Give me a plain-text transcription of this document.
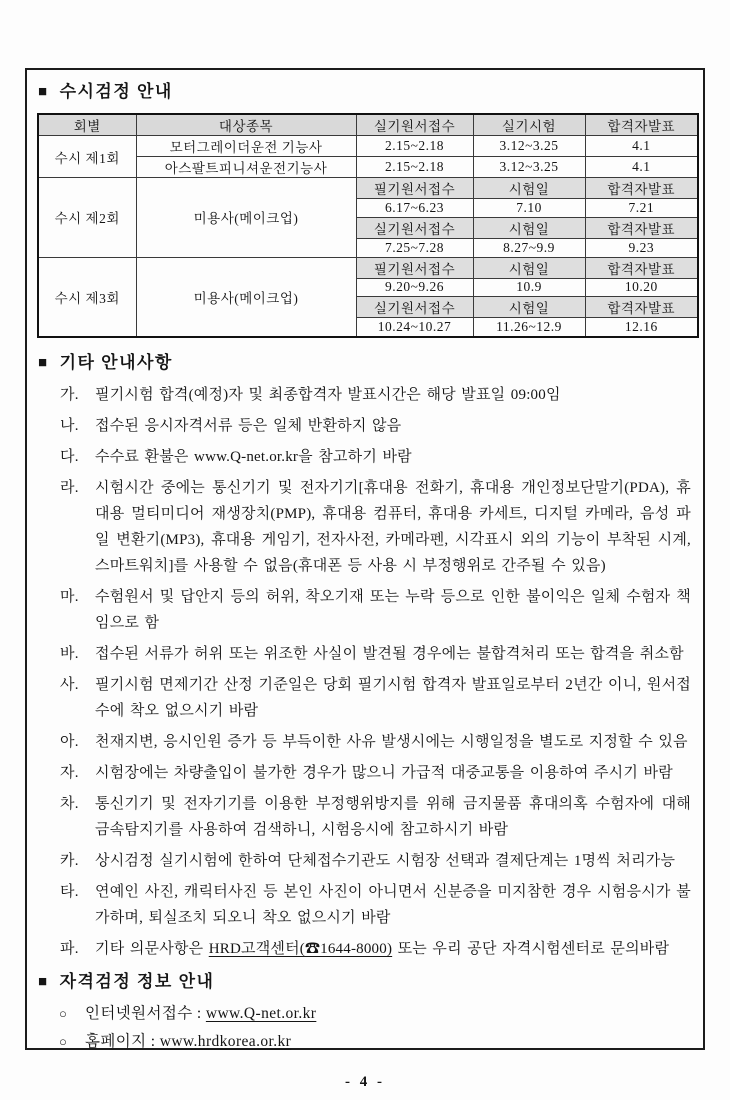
■ 수시검정 안내
회별	대상종목	실기원서접수	실기시험	합격자발표
수시 제1회	모터그레이더운전 기능사	2.15~2.18	3.12~3.25	4.1
	아스팔트피니셔운전기능사	2.15~2.18	3.12~3.25	4.1
수시 제2회	미용사(메이크업)	필기원서접수	시험일	합격자발표
		6.17~6.23	7.10	7.21
		실기원서접수	시험일	합격자발표
		7.25~7.28	8.27~9.9	9.23
수시 제3회	미용사(메이크업)	필기원서접수	시험일	합격자발표
		9.20~9.26	10.9	10.20
		실기원서접수	시험일	합격자발표
		10.24~10.27	11.26~12.9	12.16
■ 기타 안내사항
가. 필기시험 합격(예정)자 및 최종합격자 발표시간은 해당 발표일 09:00임
나. 접수된 응시자격서류 등은 일체 반환하지 않음
다. 수수료 환불은 www.Q-net.or.kr을 참고하기 바람
라. 시험시간 중에는 통신기기 및 전자기기[휴대용 전화기, 휴대용 개인정보단말기(PDA), 휴대용 멀티미디어 재생장치(PMP), 휴대용 컴퓨터, 휴대용 카세트, 디지털 카메라, 음성 파일 변환기(MP3), 휴대용 게임기, 전자사전, 카메라펜, 시각표시 외의 기능이 부착된 시계, 스마트워치]를 사용할 수 없음(휴대폰 등 사용 시 부정행위로 간주될 수 있음)
마. 수험원서 및 답안지 등의 허위, 착오기재 또는 누락 등으로 인한 불이익은 일체 수험자 책임으로 함
바. 접수된 서류가 허위 또는 위조한 사실이 발견될 경우에는 불합격처리 또는 합격을 취소함
사. 필기시험 면제기간 산정 기준일은 당회 필기시험 합격자 발표일로부터 2년간 이니, 원서접수에 착오 없으시기 바람
아. 천재지변, 응시인원 증가 등 부득이한 사유 발생시에는 시행일정을 별도로 지정할 수 있음
자. 시험장에는 차량출입이 불가한 경우가 많으니 가급적 대중교통을 이용하여 주시기 바람
차. 통신기기 및 전자기기를 이용한 부정행위방지를 위해 금지물품 휴대의혹 수험자에 대해 금속탐지기를 사용하여 검색하니, 시험응시에 참고하시기 바람
카. 상시검정 실기시험에 한하여 단체접수기관도 시험장 선택과 결제단계는 1명씩 처리가능
타. 연예인 사진, 캐릭터사진 등 본인 사진이 아니면서 신분증을 미지참한 경우 시험응시가 불가하며, 퇴실조치 되오니 착오 없으시기 바람
파. 기타 의문사항은 HRD고객센터(☎1644-8000) 또는 우리 공단 자격시험센터로 문의바람
■ 자격검정 정보 안내
○ 인터넷원서접수 : www.Q-net.or.kr
○ 홈페이지 : www.hrdkorea.or.kr
- 4 -
